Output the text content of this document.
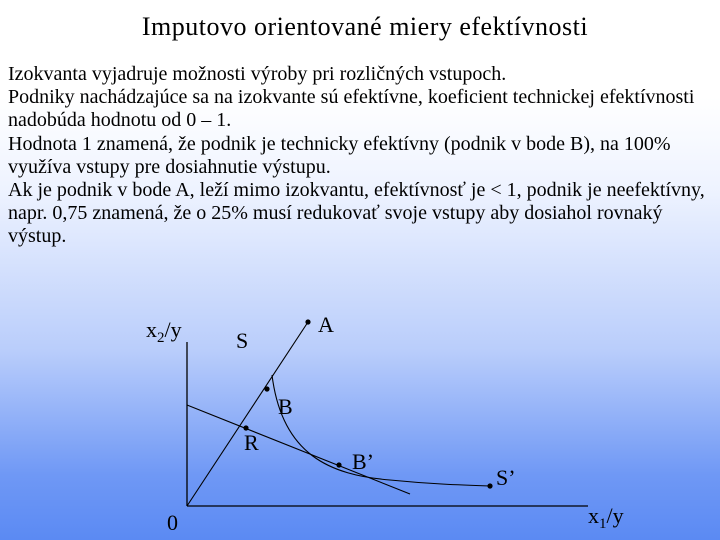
Imputovo orientované miery efektívnosti

Izokvanta vyjadruje možnosti výroby pri rozličných vstupoch.

Podniky nachádzajúce sa na izokvante sú efektívne, koeficient technickej efektívnosti nadobúda hodnotu od 0 – 1.

Hodnota 1 znamená, že podnik je technicky efektívny (podnik v bode B), na 100% využíva vstupy pre dosiahnutie výstupu.

Ak je podnik v bode A, leží mimo izokvantu, efektívnosť je < 1, podnik je neefektívny, napr. 0,75 znamená, že o 25% musí redukovať svoje vstupy aby dosiahol rovnaký výstup.

$x_2/y$
$x_1/y$
0
A
S
B
R
B’
S’
